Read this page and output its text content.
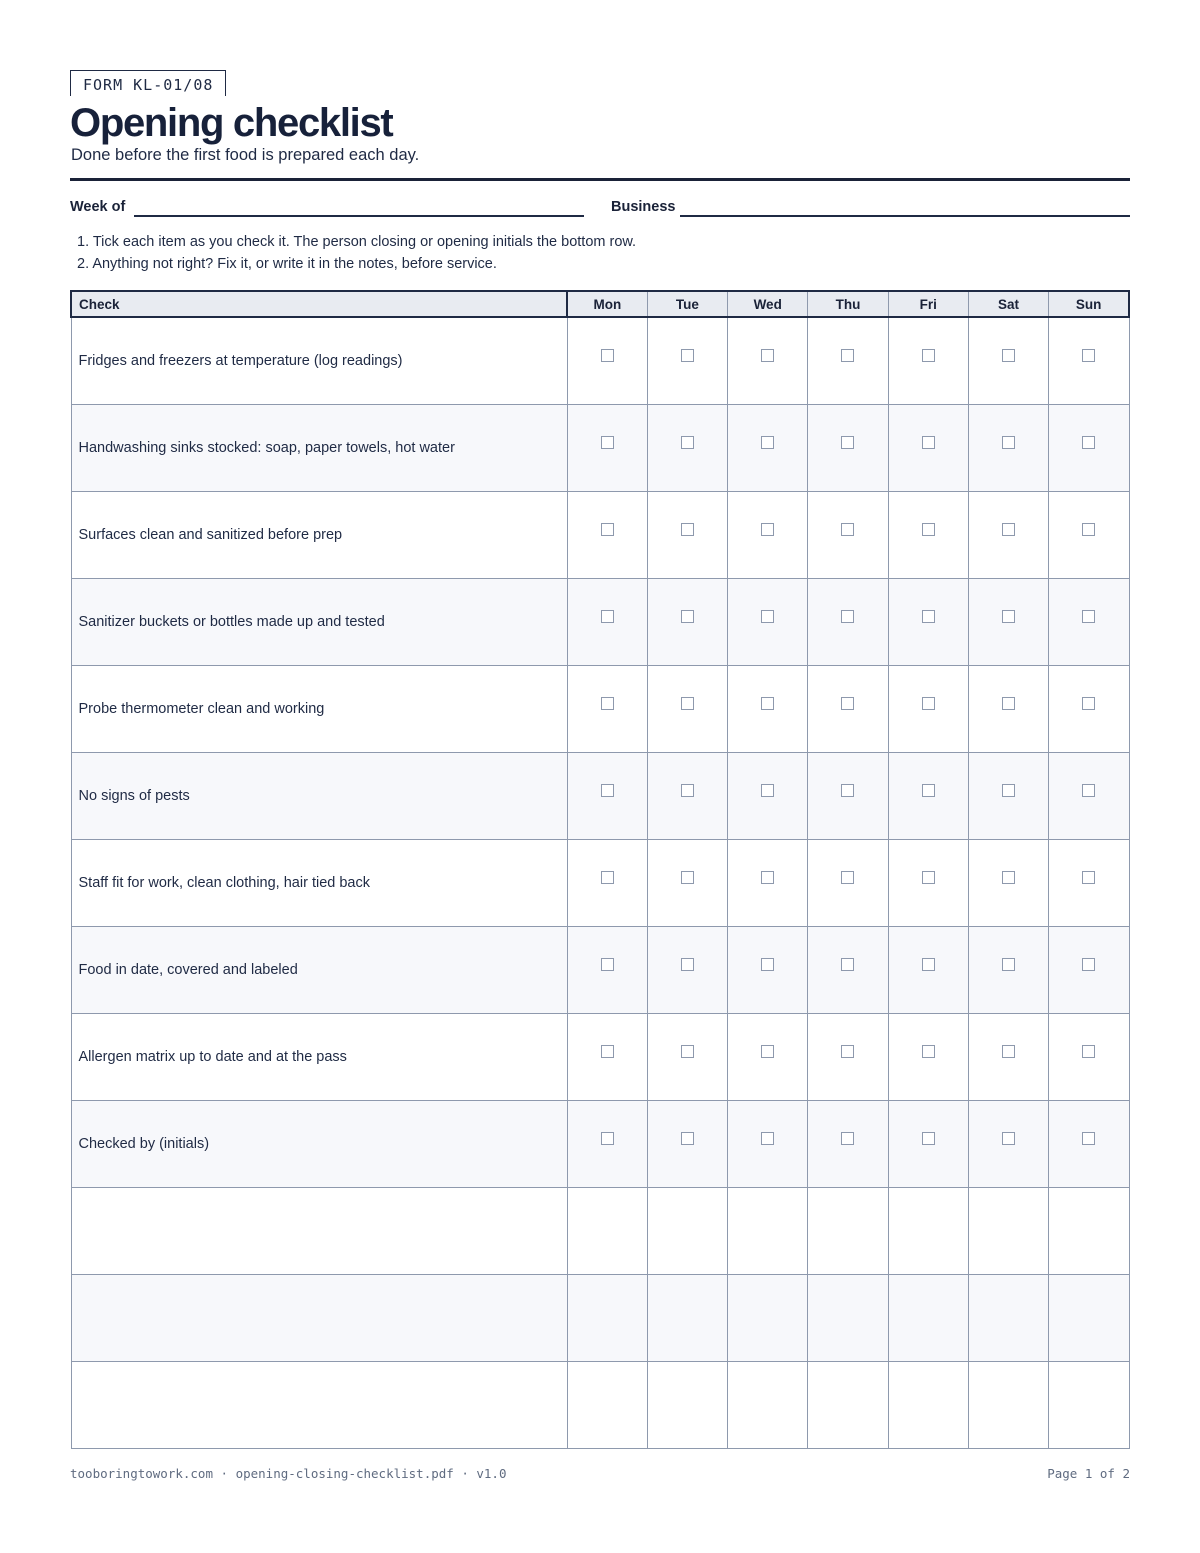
FORM KL-01/08
Opening checklist
Done before the first food is prepared each day.
Week of	Business
1. Tick each item as you check it. The person closing or opening initials the bottom row.
2. Anything not right? Fix it, or write it in the notes, before service.
Check	Mon	Tue	Wed	Thu	Fri	Sat	Sun
Fridges and freezers at temperature (log readings)							
Handwashing sinks stocked: soap, paper towels, hot water							
Surfaces clean and sanitized before prep							
Sanitizer buckets or bottles made up and tested							
Probe thermometer clean and working							
No signs of pests							
Staff fit for work, clean clothing, hair tied back							
Food in date, covered and labeled							
Allergen matrix up to date and at the pass							
Checked by (initials)							

tooboringtowork.com · opening-closing-checklist.pdf · v1.0	Page 1 of 2
